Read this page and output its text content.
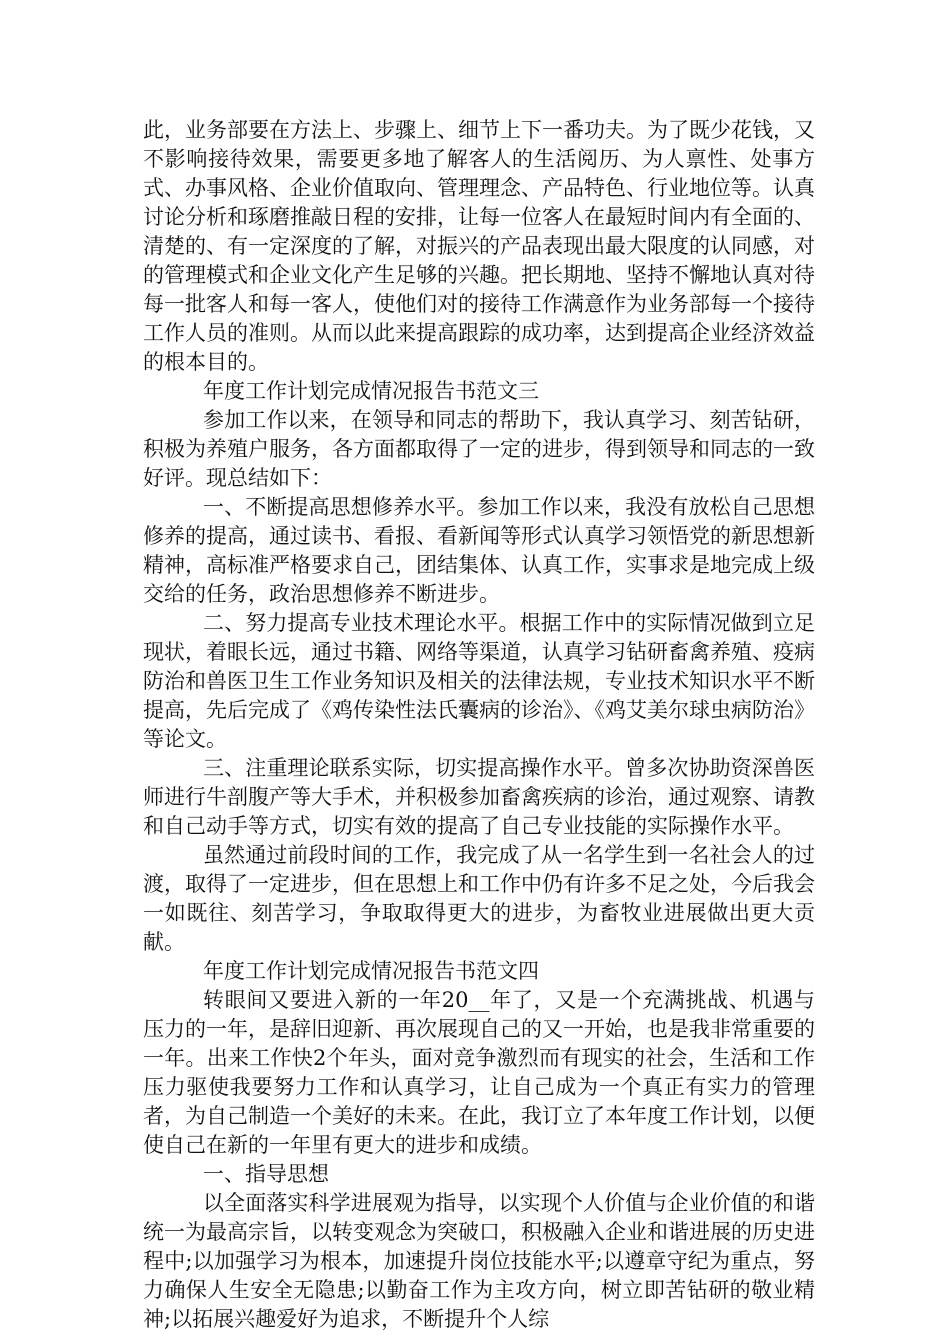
此，业务部要在方法上、步骤上、细节上下一番功夫。为了既少花钱，又不影响接待效果，需要更多地了解客人的生活阅历、为人禀性、处事方式、办事风格、企业价值取向、管理理念、产品特色、行业地位等。认真讨论分析和琢磨推敲日程的安排，让每一位客人在最短时间内有全面的、清楚的、有一定深度的了解，对振兴的产品表现出最大限度的认同感，对的管理模式和企业文化产生足够的兴趣。把长期地、坚持不懈地认真对待每一批客人和每一客人，使他们对的接待工作满意作为业务部每一个接待工作人员的准则。从而以此来提高跟踪的成功率，达到提高企业经济效益的根本目的。

年度工作计划完成情况报告书范文三

参加工作以来，在领导和同志的帮助下，我认真学习、刻苦钻研，积极为养殖户服务，各方面都取得了一定的进步，得到领导和同志的一致好评。现总结如下：

一、不断提高思想修养水平。参加工作以来，我没有放松自己思想修养的提高，通过读书、看报、看新闻等形式认真学习领悟党的新思想新精神，高标准严格要求自己，团结集体、认真工作，实事求是地完成上级交给的任务，政治思想修养不断进步。

二、努力提高专业技术理论水平。根据工作中的实际情况做到立足现状，着眼长远，通过书籍、网络等渠道，认真学习钻研畜禽养殖、疫病防治和兽医卫生工作业务知识及相关的法律法规，专业技术知识水平不断提高，先后完成了《鸡传染性法氏囊病的诊治》、《鸡艾美尔球虫病防治》等论文。

三、注重理论联系实际，切实提高操作水平。曾多次协助资深兽医师进行牛剖腹产等大手术，并积极参加畜禽疾病的诊治，通过观察、请教和自己动手等方式，切实有效的提高了自己专业技能的实际操作水平。

虽然通过前段时间的工作，我完成了从一名学生到一名社会人的过渡，取得了一定进步，但在思想上和工作中仍有许多不足之处，今后我会一如既往、刻苦学习，争取取得更大的进步，为畜牧业进展做出更大贡献。

年度工作计划完成情况报告书范文四

转眼间又要进入新的一年20__年了，又是一个充满挑战、机遇与压力的一年，是辞旧迎新、再次展现自己的又一开始，也是我非常重要的一年。出来工作快2个年头，面对竞争激烈而有现实的社会，生活和工作压力驱使我要努力工作和认真学习，让自己成为一个真正有实力的管理者，为自己制造一个美好的未来。在此，我订立了本年度工作计划，以便使自己在新的一年里有更大的进步和成绩。

一、指导思想

以全面落实科学进展观为指导，以实现个人价值与企业价值的和谐统一为最高宗旨，以转变观念为突破口，积极融入企业和谐进展的历史进程中;以加强学习为根本，加速提升岗位技能水平;以遵章守纪为重点，努力确保人生安全无隐患;以勤奋工作为主攻方向，树立即苦钻研的敬业精神;以拓展兴趣爱好为追求，不断提升个人综
